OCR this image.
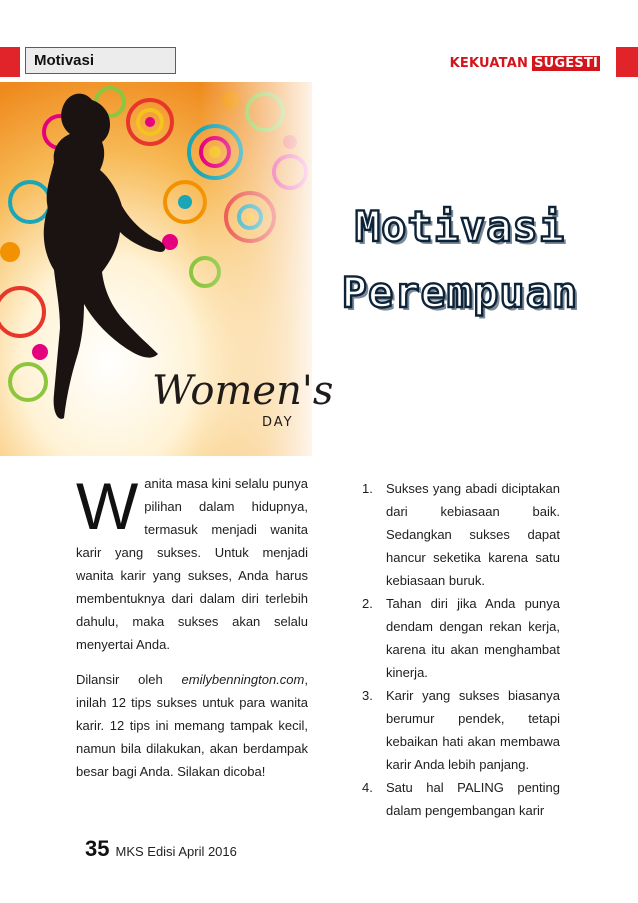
Motivasi	KEKUATAN SUGESTI
Women's
DAY
Motivasi
Perempuan

Wanita masa kini selalu punya pilihan dalam hidupnya, termasuk menjadi wanita karir yang sukses. Untuk menjadi wanita karir yang sukses, Anda harus membentuknya dari dalam diri terlebih dahulu, maka sukses akan selalu menyertai Anda.

Dilansir oleh emilybennington.com, inilah 12 tips sukses untuk para wanita karir. 12 tips ini memang tampak kecil, namun bila dilakukan, akan berdampak besar bagi Anda. Silakan dicoba!

1. Sukses yang abadi diciptakan dari kebiasaan baik. Sedangkan sukses dapat hancur seketika karena satu kebiasaan buruk.
2. Tahan diri jika Anda punya dendam dengan rekan kerja, karena itu akan menghambat kinerja.
3. Karir yang sukses biasanya berumur pendek, tetapi kebaikan hati akan membawa karir Anda lebih panjang.
4. Satu hal PALING penting dalam pengembangan karir
35 MKS Edisi April 2016
